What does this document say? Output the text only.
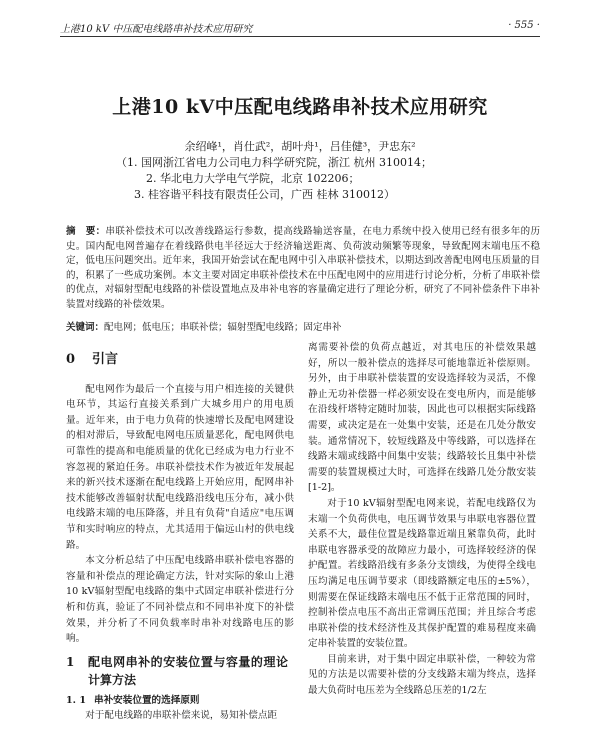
上港10 kV 中压配电线路串补技术应用研究	· 555 ·
上港10 kV中压配电线路串补技术应用研究
余绍峰¹，肖仕武²，胡叶舟¹，吕佳健³，尹忠东²
（1. 国网浙江省电力公司电力科学研究院，浙江 杭州 310014；
2. 华北电力大学电气学院，北京 102206；
3. 桂容谐平科技有限责任公司，广西 桂林 310012）
摘　要：串联补偿技术可以改善线路运行参数，提高线路输送容量，在电力系统中投入使用已经有很多年的历史。国内配电网普遍存在着线路供电半径远大于经济输送距离、负荷波动频繁等现象，导致配网末端电压不稳定，低电压问题突出。近年来，我国开始尝试在配电网中引入串联补偿技术，以期达到改善配电网电压质量的目的，积累了一些成功案例。本文主要对固定串联补偿技术在中压配电网中的应用进行讨论分析，分析了串联补偿的优点，对辐射型配电线路的补偿设置地点及串补电容的容量确定进行了理论分析，研究了不同补偿条件下串补装置对线路的补偿效果。
关键词：配电网；低电压；串联补偿；辐射型配电线路；固定串补
0 引言

配电网作为最后一个直接与用户相连接的关键供电环节，其运行直接关系到广大城乡用户的用电质量。近年来，由于电力负荷的快速增长及配电网建设的相对滞后，导致配电网电压质量恶化，配电网供电可靠性的提高和电能质量的优化已经成为电力行业不容忽视的紧迫任务。串联补偿技术作为被近年发展起来的新兴技术逐渐在配电线路上开始应用，配网串补技术能够改善辐射状配电线路沿线电压分布，减小供电线路末端的电压降落，并且有负荷"自适应"电压调节和实时响应的特点，尤其适用于偏远山村的供电线路。

本文分析总结了中压配电线路串联补偿电容器的容量和补偿点的理论确定方法，针对实际的象山上港10 kV辐射型配电线路的集中式固定串联补偿进行分析和仿真，验证了不同补偿点和不同串补度下的补偿效果，并分析了不同负载率时串补对线路电压的影响。

1 配电网串补的安装位置与容量的理论计算方法
1. 1 串补安装位置的选择原则

对于配电线路的串联补偿来说，易知补偿点距

离需要补偿的负荷点越近，对其电压的补偿效果越好，所以一般补偿点的选择尽可能地靠近补偿原则。另外，由于串联补偿装置的安设选择较为灵活，不像静止无功补偿器一样必须安设在变电所内，而是能够在沿线杆塔特定随时加装，因此也可以根据实际线路需要，或决定是在一处集中安装，还是在几处分散安装。通常情况下，较短线路及中等线路，可以选择在线路末端或线路中间集中安装；线路较长且集中补偿需要的装置规模过大时，可选择在线路几处分散安装[1-2]。

对于10 kV辐射型配电网来说，若配电线路仅为末端一个负荷供电，电压调节效果与串联电容器位置关系不大，最佳位置是线路靠近端且紧靠负荷，此时串联电容器承受的故障应力最小，可选择较经济的保护配置。若线路沿线有多条分支馈线，为使得全线电压均满足电压调节要求（即线路额定电压的±5%），则需要在保证线路末端电压不低于正常范围的同时，控制补偿点电压不高出正常调压范围；并且综合考虑串联补偿的技术经济性及其保护配置的难易程度来确定串补装置的安装位置。

目前来讲，对于集中固定串联补偿，一种较为常见的方法是以需要补偿的分支线路末端为终点，选择最大负荷时电压差为全线路总压差的1/2左
